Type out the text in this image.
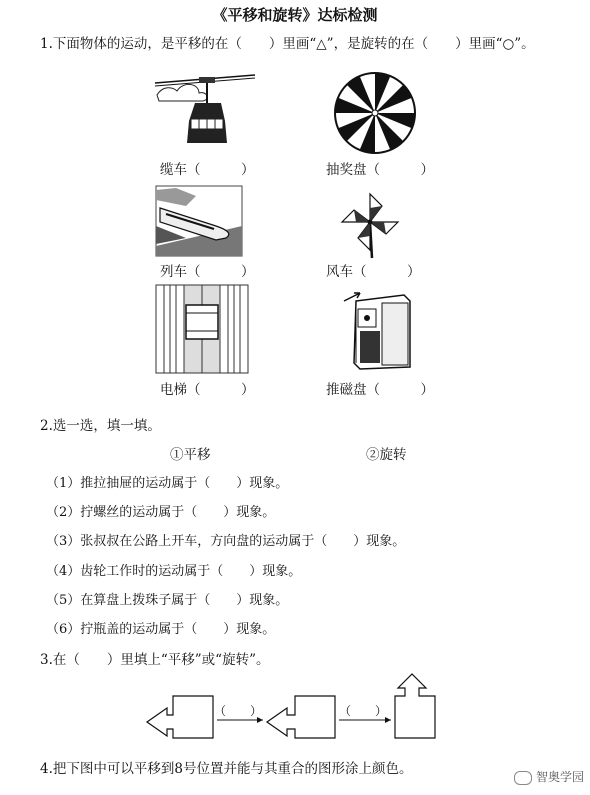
《平移和旋转》达标检测
1.下面物体的运动，是平移的在（　　）里画“△”，是旋转的在（　　）里画“○”。
缆车（　　　）	抽奖盘（　　　）
列车（　　　）	风车（　　　）
电梯（　　　）	推磁盘（　　　）
2.选一选，填一填。
①平移	②旋转
（1）推拉抽屉的运动属于（　　）现象。
（2）拧螺丝的运动属于（　　）现象。
（3）张叔叔在公路上开车，方向盘的运动属于（　　）现象。
（4）齿轮工作时的运动属于（　　）现象。
（5）在算盘上拨珠子属于（　　）现象。
（6）拧瓶盖的运动属于（　　）现象。
3.在（　　）里填上“平移”或“旋转”。
（　　）	（　　）
4.把下图中可以平移到8号位置并能与其重合的图形涂上颜色。	智奥学园
